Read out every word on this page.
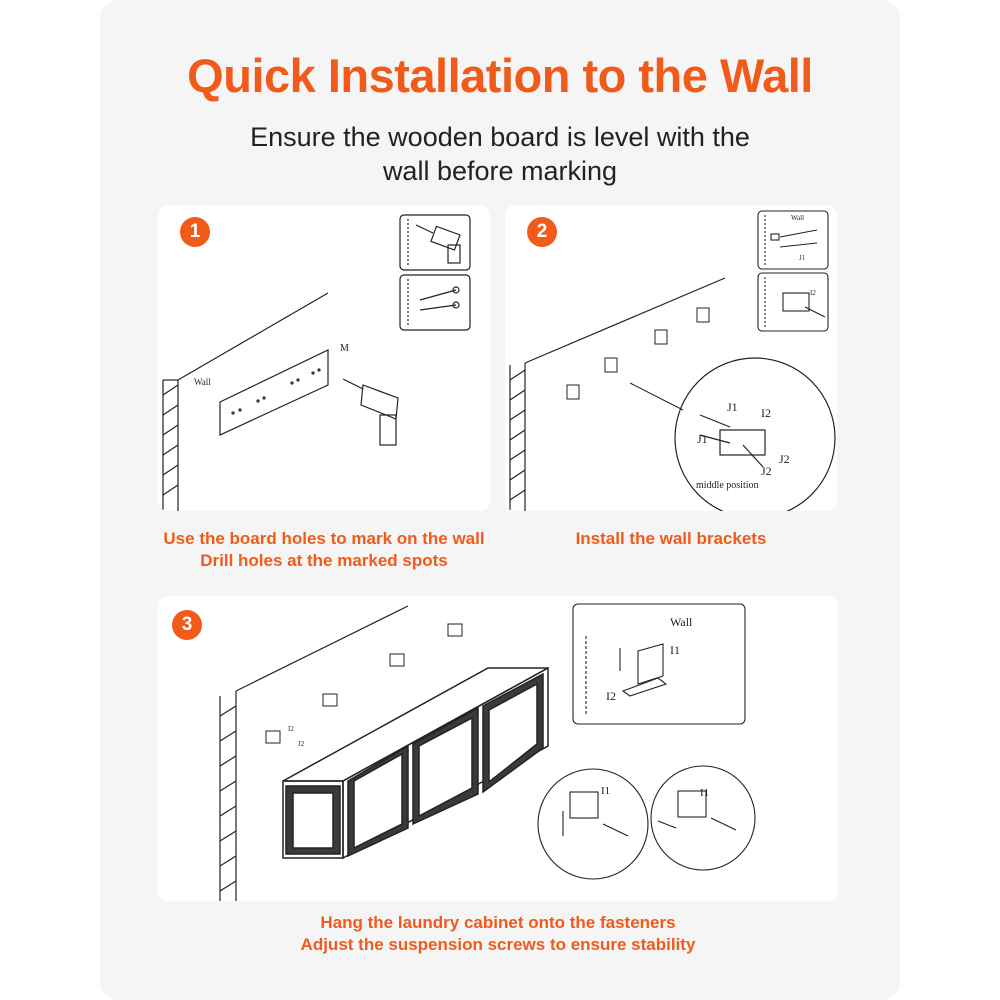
Quick Installation to the Wall
Ensure the wooden board is level with the
wall before marking
1
Wall
M
2
Wall
J1
I2
J1
J1
I2
J2
J2
middle position
Use the board holes to mark on the wall
Drill holes at the marked spots
Install the wall brackets
3
I2
J2
Wall
I1
I2
I1	I1
Hang the laundry cabinet onto the fasteners
Adjust the suspension screws to ensure stability
